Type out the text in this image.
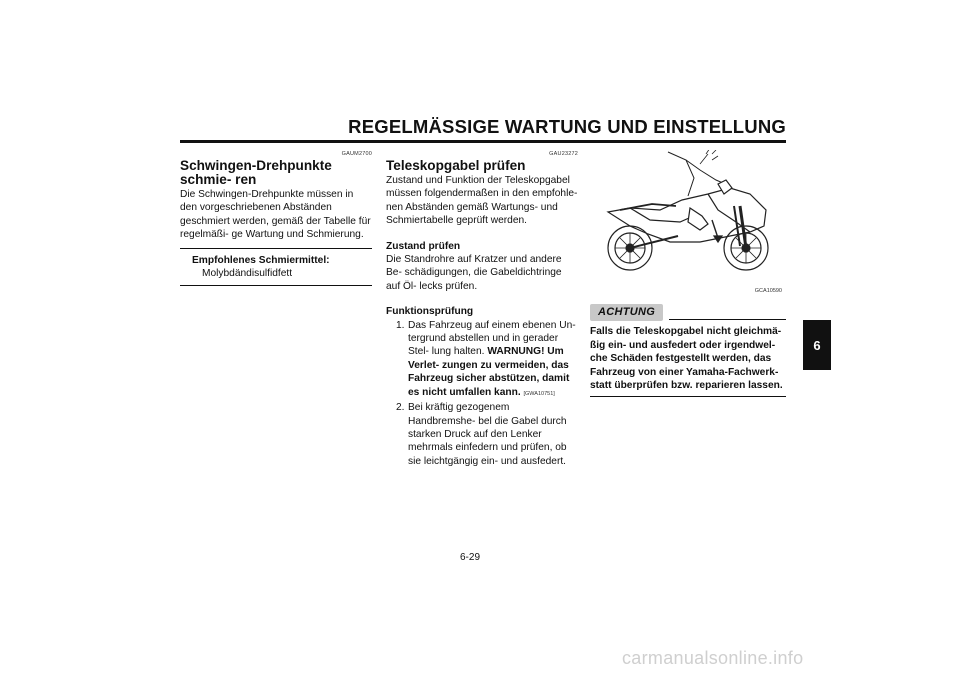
REGELMÄSSIGE WARTUNG UND EINSTELLUNG
GAUM2700
Schwingen-Drehpunkte schmie- ren

Die Schwingen-Drehpunkte müssen in den vorgeschriebenen Abständen geschmiert werden, gemäß der Tabelle für regelmäßi- ge Wartung und Schmierung.

Empfohlenes Schmiermittel:
Molybdändisulfidfett
GAU23272
Teleskopgabel prüfen

Zustand und Funktion der Teleskopgabel müssen folgendermaßen in den empfohle- nen Abständen gemäß Wartungs- und Schmiertabelle geprüft werden.

Zustand prüfen

Die Standrohre auf Kratzer und andere Be- schädigungen, die Gabeldichtringe auf Öl- lecks prüfen.

Funktionsprüfung
1. Das Fahrzeug auf einem ebenen Un- tergrund abstellen und in gerader Stel- lung halten. WARNUNG! Um Verlet- zungen zu vermeiden, das Fahrzeug sicher abstützen, damit es nicht umfallen kann. [GWA10751]
2. Bei kräftig gezogenem Handbremshe- bel die Gabel durch starken Druck auf den Lenker mehrmals einfedern und prüfen, ob sie leichtgängig ein- und ausfedert.
GCA10590
ACHTUNG
Falls die Teleskopgabel nicht gleichmä- ßig ein- und ausfedert oder irgendwel- che Schäden festgestellt werden, das Fahrzeug von einer Yamaha-Fachwerk- statt überprüfen bzw. reparieren lassen.
6
6-29
carmanualsonline.info
